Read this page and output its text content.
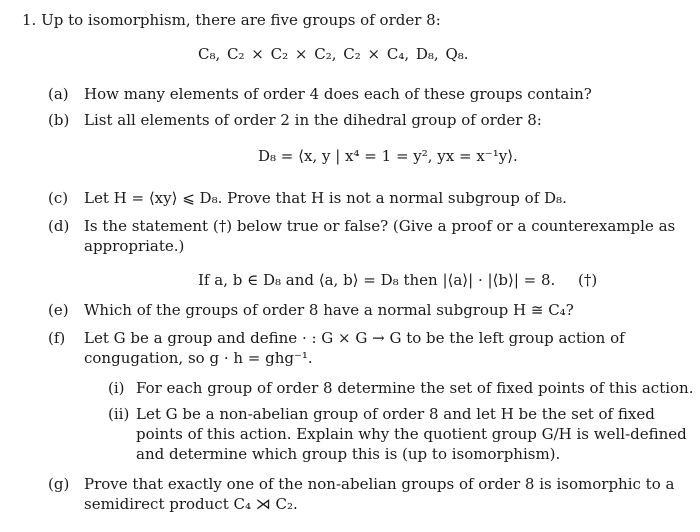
1. Up to isomorphism, there are five groups of order 8:
C₈, C₂ × C₂ × C₂, C₂ × C₄, D₈, Q₈.
(a) How many elements of order 4 does each of these groups contain?
(b) List all elements of order 2 in the dihedral group of order 8:
D₈ = ⟨x, y | x⁴ = 1 = y², yx = x⁻¹y⟩.
(c) Let H = ⟨xy⟩ ⩽ D₈. Prove that H is not a normal subgroup of D₈.
(d) Is the statement (†) below true or false? (Give a proof or a counterexample as
appropriate.)
If a, b ∈ D₈ and ⟨a, b⟩ = D₈ then |⟨a⟩| · |⟨b⟩| = 8. (†)
(e) Which of the groups of order 8 have a normal subgroup H ≅ C₄?
(f) Let G be a group and define · : G × G → G to be the left group action of
congugation, so g · h = ghg⁻¹.
(i) For each group of order 8 determine the set of fixed points of this action.
(ii) Let G be a non-abelian group of order 8 and let H be the set of fixed
points of this action. Explain why the quotient group G/H is well-defined
and determine which group this is (up to isomorphism).
(g) Prove that exactly one of the non-abelian groups of order 8 is isomorphic to a
semidirect product C₄ ⋊ C₂.
